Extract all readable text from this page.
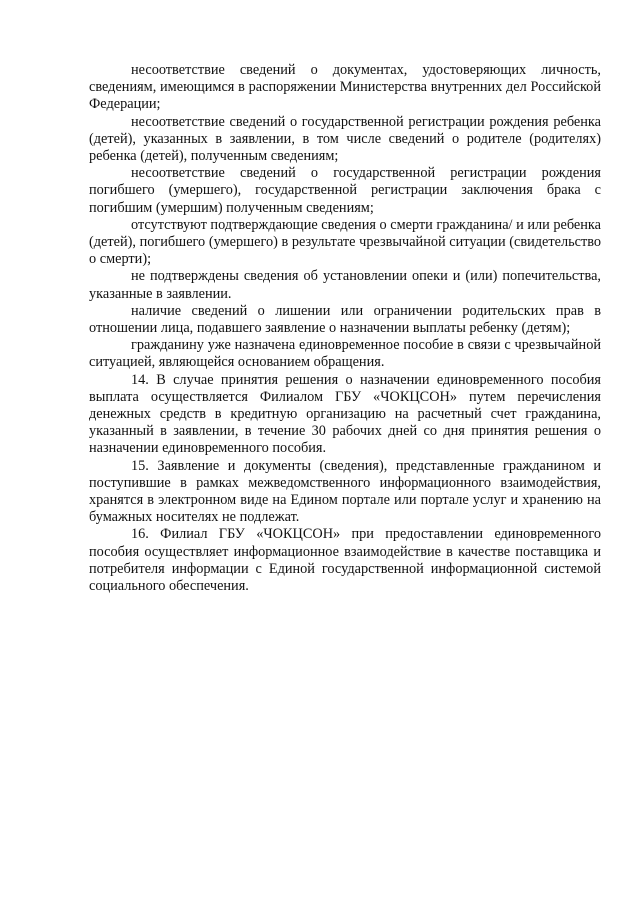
несоответствие сведений о документах, удостоверяющих личность, сведениям, имеющимся в распоряжении Министерства внутренних дел Российской Федерации;

несоответствие сведений о государственной регистрации рождения ребенка (детей), указанных в заявлении, в том числе сведений о родителе (родителях) ребенка (детей), полученным сведениям;

несоответствие сведений о государственной регистрации рождения погибшего (умершего), государственной регистрации заключения брака с погибшим (умершим) полученным сведениям;

отсутствуют подтверждающие сведения о смерти гражданина/ и или ребенка (детей), погибшего (умершего) в результате чрезвычайной ситуации (свидетельство о смерти);

не подтверждены сведения об установлении опеки и (или) попечительства, указанные в заявлении.

наличие сведений о лишении или ограничении родительских прав в отношении лица, подавшего заявление о назначении выплаты ребенку (детям);

гражданину уже назначена единовременное пособие в связи с чрезвычайной ситуацией, являющейся основанием обращения.

14. В случае принятия решения о назначении единовременного пособия выплата осуществляется Филиалом ГБУ «ЧОКЦСОН» путем перечисления денежных средств в кредитную организацию на расчетный счет гражданина, указанный в заявлении, в течение 30 рабочих дней со дня принятия решения о назначении единовременного пособия.

15. Заявление и документы (сведения), представленные гражданином и поступившие в рамках межведомственного информационного взаимодействия, хранятся в электронном виде на Едином портале или портале услуг и хранению на бумажных носителях не подлежат.

16. Филиал ГБУ «ЧОКЦСОН» при предоставлении единовременного пособия осуществляет информационное взаимодействие в качестве поставщика и потребителя информации с Единой государственной информационной системой социального обеспечения.
